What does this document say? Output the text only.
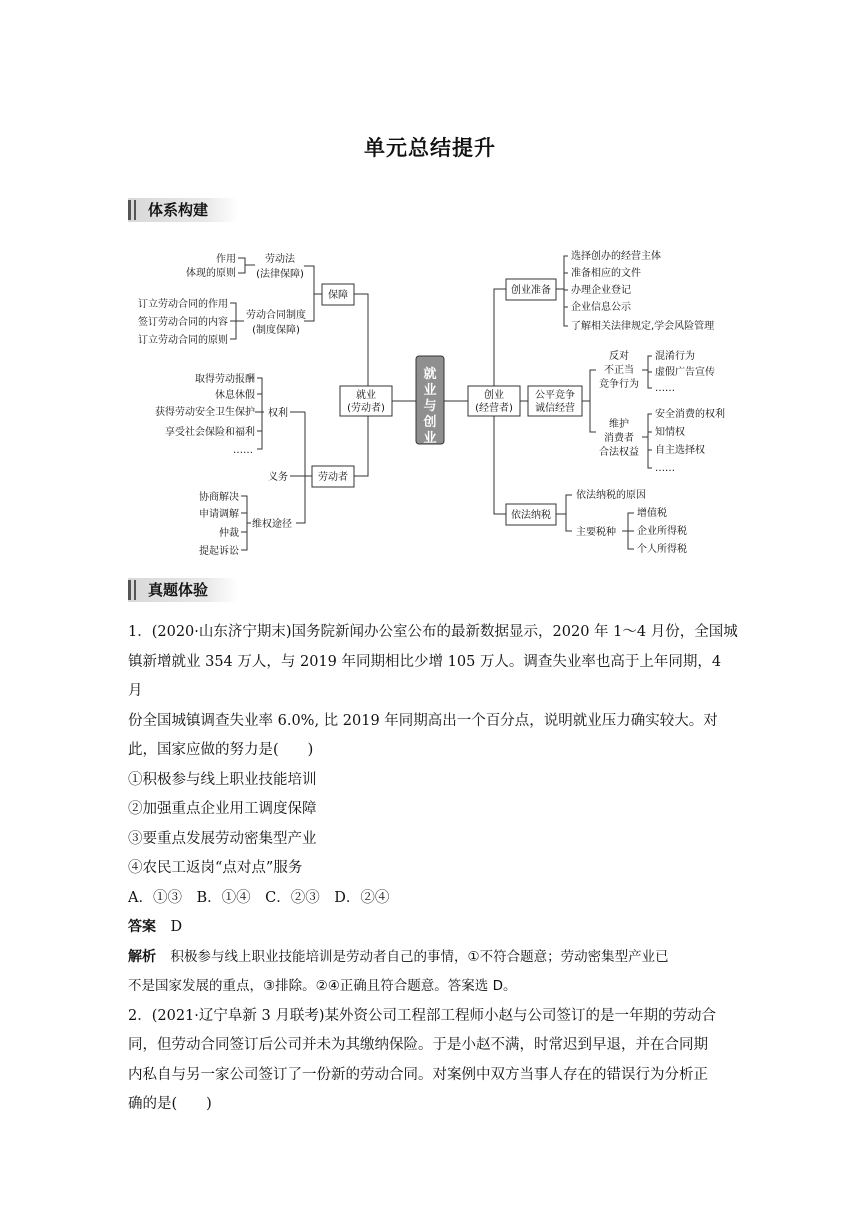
单元总结提升
体系构建
作用
体现的原则
劳动法
(法律保障)
订立劳动合同的作用
签订劳动合同的内容
订立劳动合同的原则
劳动合同制度
(制度保障)
保障
取得劳动报酬
休息休假
获得劳动安全卫生保护
享受社会保险和福利
……
权利
义务
协商解决
申请调解
仲裁
提起诉讼
维权途径
劳动者
就业
(劳动者)
就
业
与
创
业
创业
(经营者)
创业准备
选择创办的经营主体
准备相应的文件
办理企业登记
企业信息公示
了解相关法律规定,学会风险管理
公平竞争
诚信经营
反对
不正当
竞争行为
混淆行为
虚假广告宣传
……
维护
消费者
合法权益
安全消费的权利
知情权
自主选择权
……
依法纳税
依法纳税的原因
主要税种
增值税
企业所得税
个人所得税
真题体验

1．(2020·山东济宁期末)国务院新闻办公室公布的最新数据显示，2020 年 1～4 月份，全国城

镇新增就业 354 万人，与 2019 年同期相比少增 105 万人。调查失业率也高于上年同期，4 月

份全国城镇调查失业率 6.0%, 比 2019 年同期高出一个百分点，说明就业压力确实较大。对

此，国家应做的努力是(　　)

①积极参与线上职业技能培训

②加强重点企业用工调度保障

③要重点发展劳动密集型产业

④农民工返岗“点对点”服务

A．①③　B．①④　C．②③　D．②④

答案　 D

解析　 积极参与线上职业技能培训是劳动者自己的事情，①不符合题意；劳动密集型产业已

不是国家发展的重点，③排除。②④正确且符合题意。答案选 D。

2．(2021·辽宁阜新 3 月联考)某外资公司工程部工程师小赵与公司签订的是一年期的劳动合

同，但劳动合同签订后公司并未为其缴纳保险。于是小赵不满，时常迟到早退，并在合同期

内私自与另一家公司签订了一份新的劳动合同。对案例中双方当事人存在的错误行为分析正

确的是(　　)
